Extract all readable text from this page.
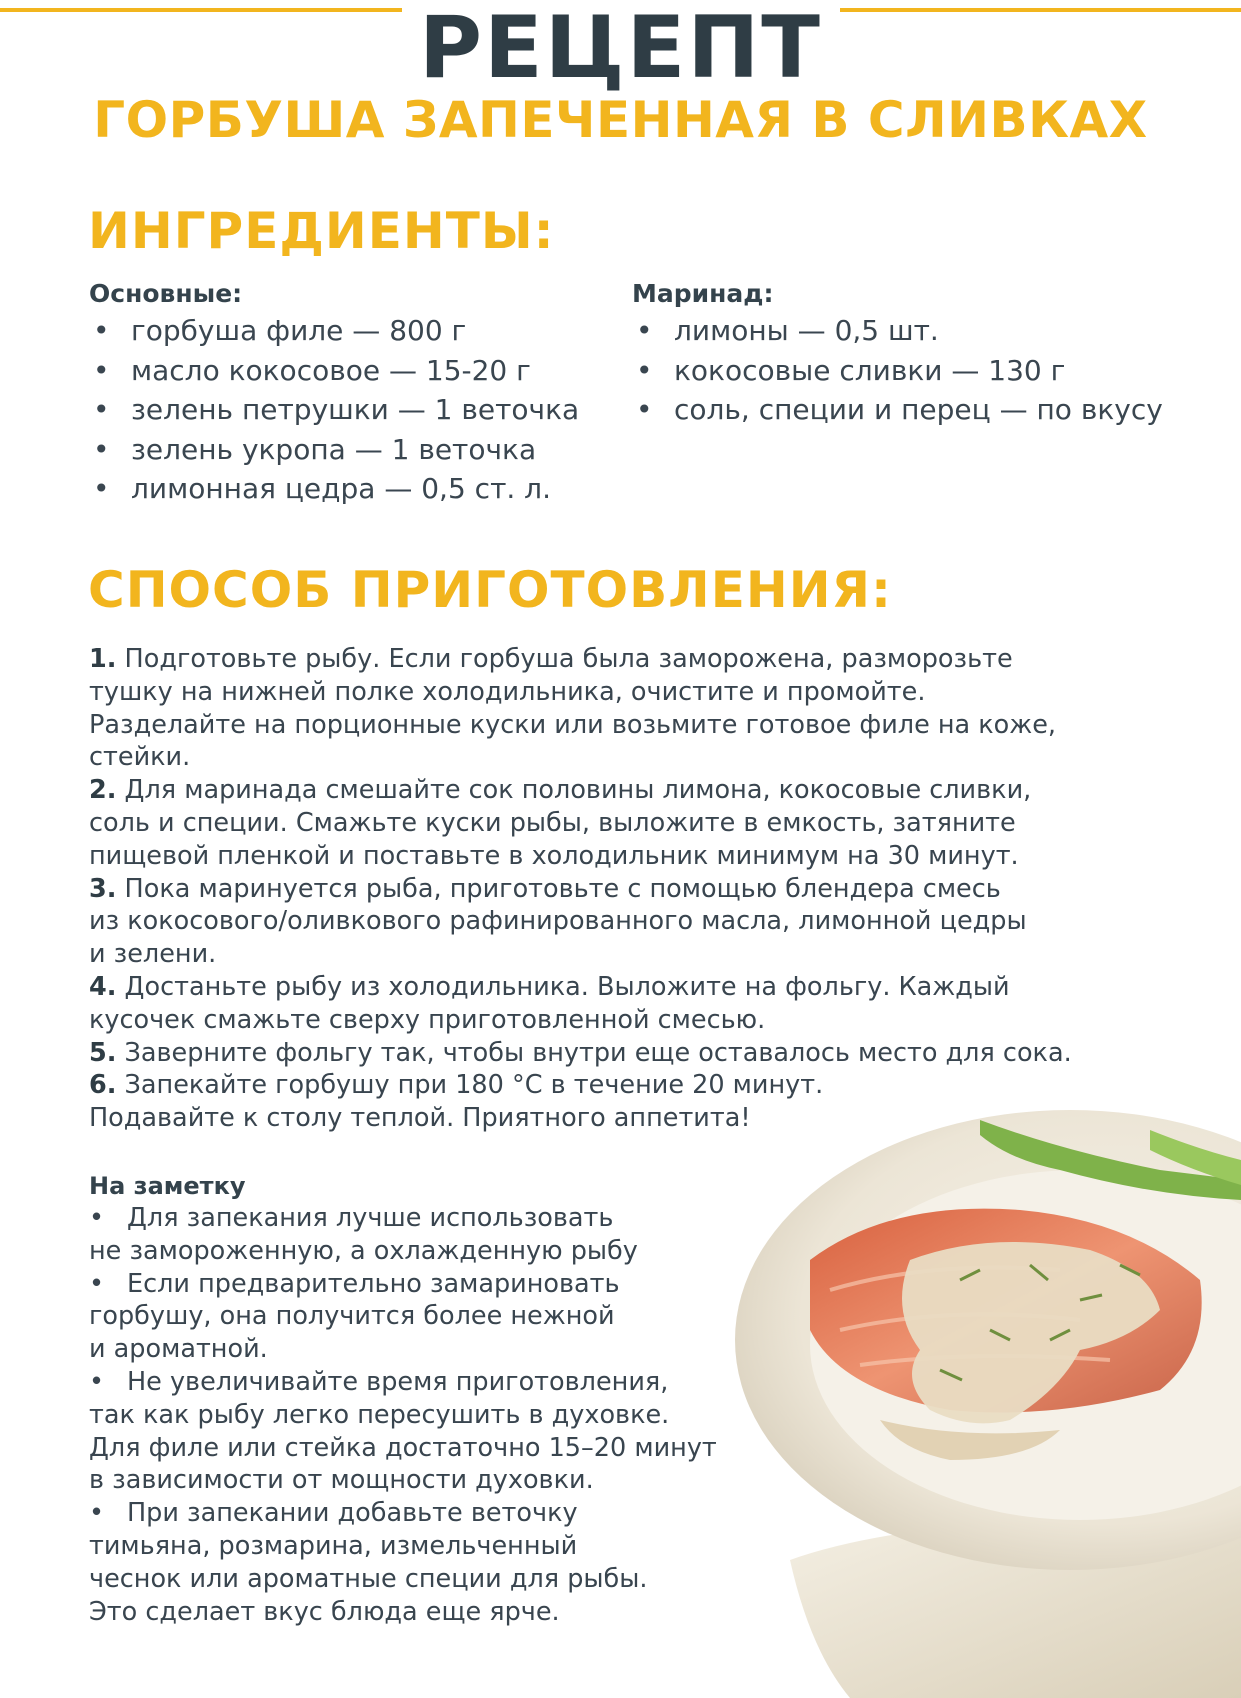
РЕЦЕПТ
ГОРБУША ЗАПЕЧЕННАЯ В СЛИВКАХ
ИНГРЕДИЕНТЫ:
Основные:
• горбуша филе — 800 г
• масло кокосовое — 15-20 г
• зелень петрушки — 1 веточка
• зелень укропа — 1 веточка
• лимонная цедра — 0,5 ст. л.
Маринад:
• лимоны — 0,5 шт.
• кокосовые сливки — 130 г
• соль, специи и перец — по вкусу
СПОСОБ ПРИГОТОВЛЕНИЯ:

1. Подготовьте рыбу. Если горбуша была заморожена, разморозьте

тушку на нижней полке холодильника, очистите и промойте.

Разделайте на порционные куски или возьмите готовое филе на коже,

стейки.

2. Для маринада смешайте сок половины лимона, кокосовые сливки,

соль и специи. Смажьте куски рыбы, выложите в емкость, затяните

пищевой пленкой и поставьте в холодильник минимум на 30 минут.

3. Пока маринуется рыба, приготовьте с помощью блендера смесь

из кокосового/оливкового рафинированного масла, лимонной цедры

и зелени.

4. Достаньте рыбу из холодильника. Выложите на фольгу. Каждый

кусочек смажьте сверху приготовленной смесью.

5. Заверните фольгу так, чтобы внутри еще оставалось место для сока.

6. Запекайте горбушу при 180 °C в течение 20 минут.

Подавайте к столу теплой. Приятного аппетита!

На заметку

• Для запекания лучше использовать

не замороженную, а охлажденную рыбу

• Если предварительно замариновать

горбушу, она получится более нежной

и ароматной.

• Не увеличивайте время приготовления,

так как рыбу легко пересушить в духовке.

Для филе или стейка достаточно 15–20 минут

в зависимости от мощности духовки.

• При запекании добавьте веточку

тимьяна, розмарина, измельченный

чеснок или ароматные специи для рыбы.

Это сделает вкус блюда еще ярче.
